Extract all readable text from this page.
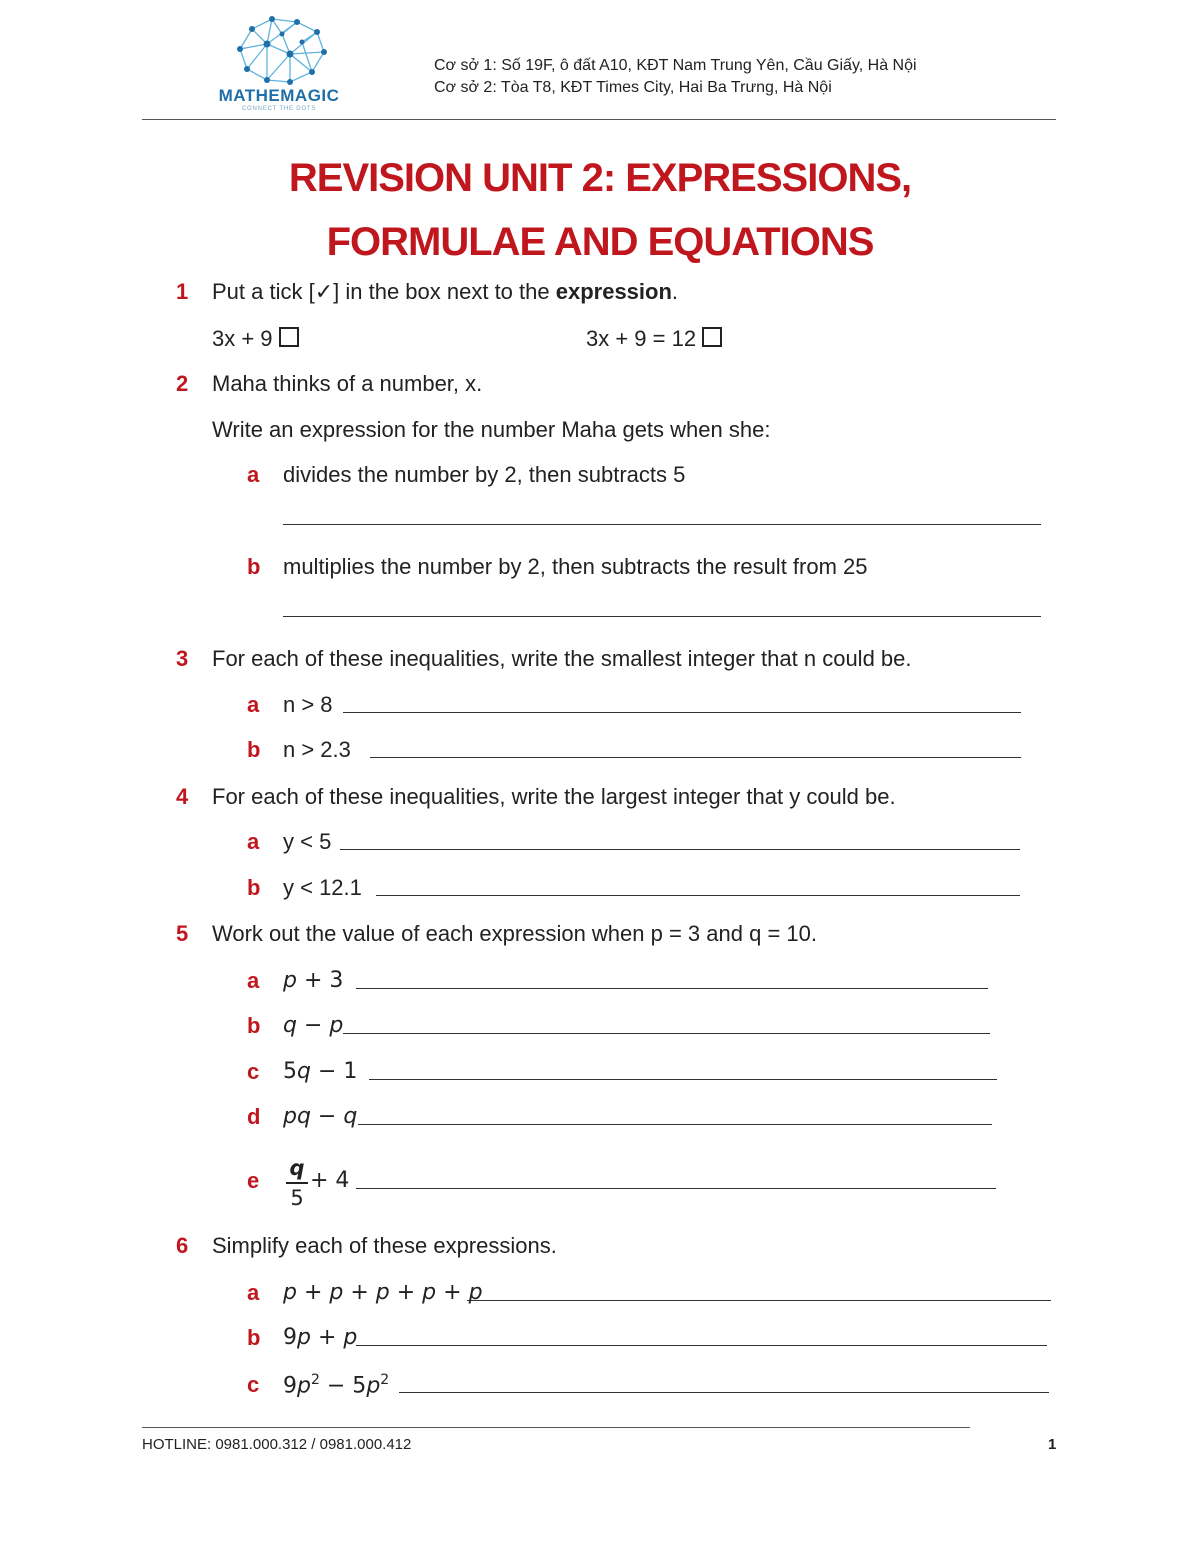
MATHEMAGIC
CONNECT THE DOTS
Cơ sở 1: Số 19F, ô đất A10, KĐT Nam Trung Yên, Cầu Giấy, Hà Nội
Cơ sở 2: Tòa T8, KĐT Times City, Hai Ba Trưng, Hà Nội
REVISION UNIT 2: EXPRESSIONS,
FORMULAE AND EQUATIONS
1 Put a tick [✓] in the box next to the expression.
3x + 9	3x + 9 = 12
2 Maha thinks of a number, x.
Write an expression for the number Maha gets when she:
a divides the number by 2, then subtracts 5
b multiplies the number by 2, then subtracts the result from 25
3 For each of these inequalities, write the smallest integer that n could be.
a n > 8
b n > 2.3
4 For each of these inequalities, write the largest integer that y could be.
a y < 5
b y < 12.1
5 Work out the value of each expression when p = 3 and q = 10.
a p + 3
b q − p
c 5q − 1
d pq − q
e q
5
+ 4
6 Simplify each of these expressions.
a p + p + p + p + p
b 9p + p
c $9p^2 - 5p^2$
HOTLINE: 0981.000.312 / 0981.000.412	1
